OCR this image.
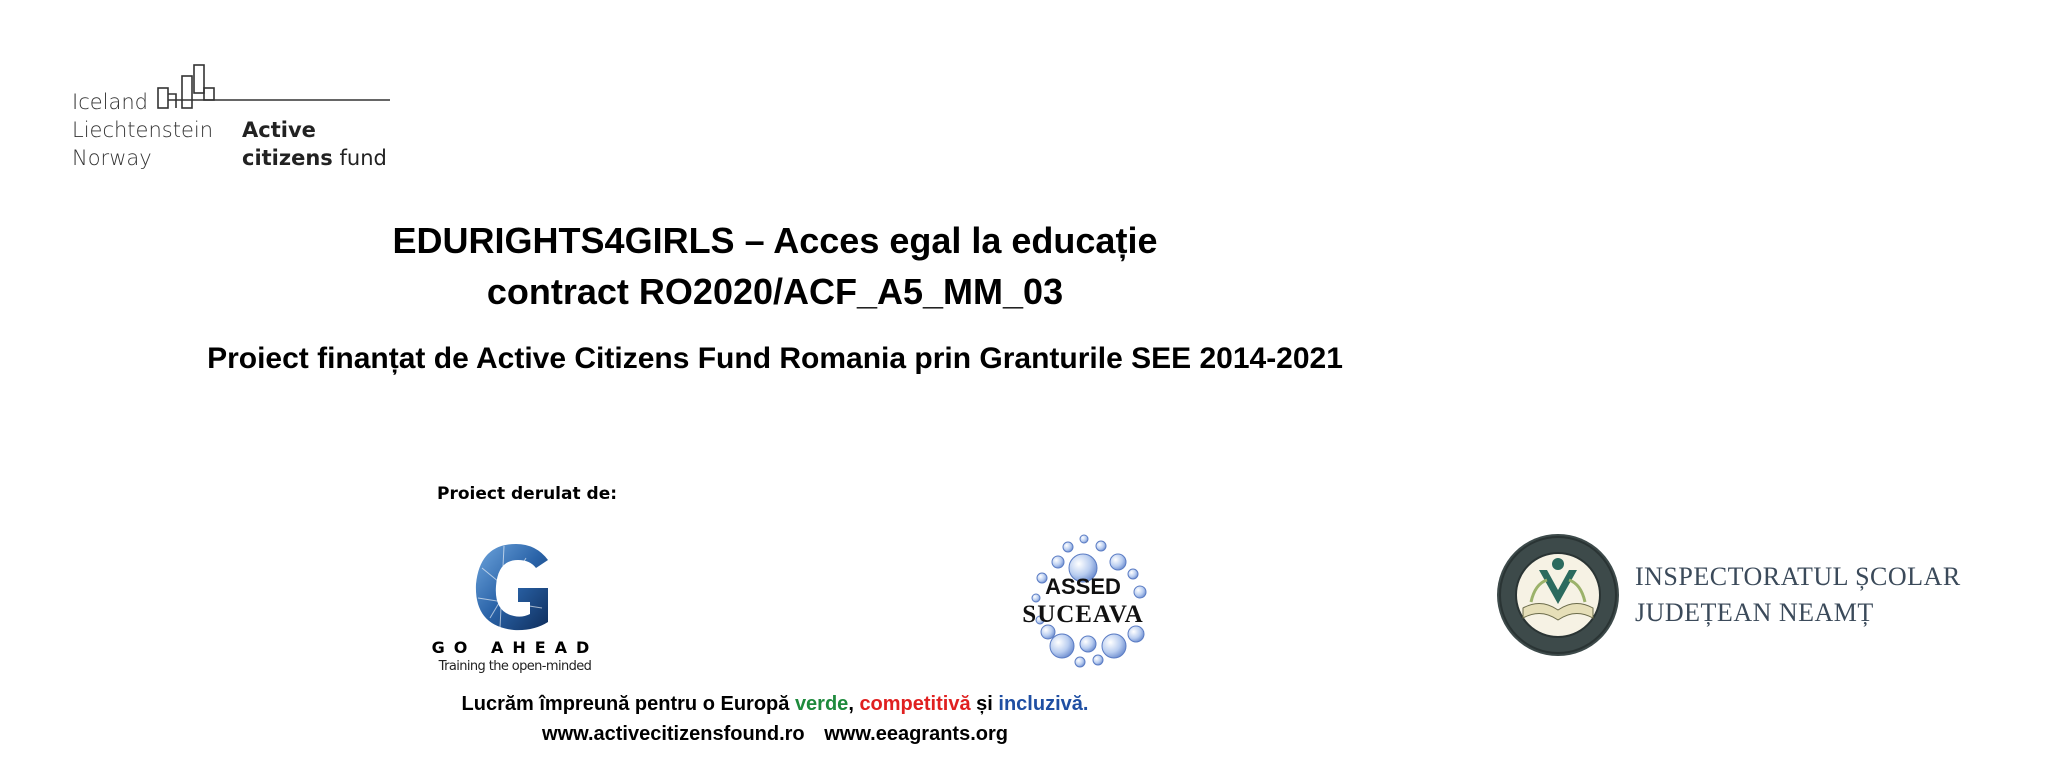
Iceland
Liechtenstein
Norway
Active
citizens fund
EDURIGHTS4GIRLS – Acces egal la educație
contract RO2020/ACF_A5_MM_03
Proiect finanțat de Active Citizens Fund Romania prin Granturile SEE 2014-2021
Proiect derulat de:
GO AHEAD
Training the open-minded
ASSED
SUCEAVA
INSPECTORATUL ȘCOLAR
JUDEȚEAN NEAMȚ
Lucrăm împreună pentru o Europă verde, competitivă și incluzivă.
www.activecitizensfound.ro www.eeagrants.org
